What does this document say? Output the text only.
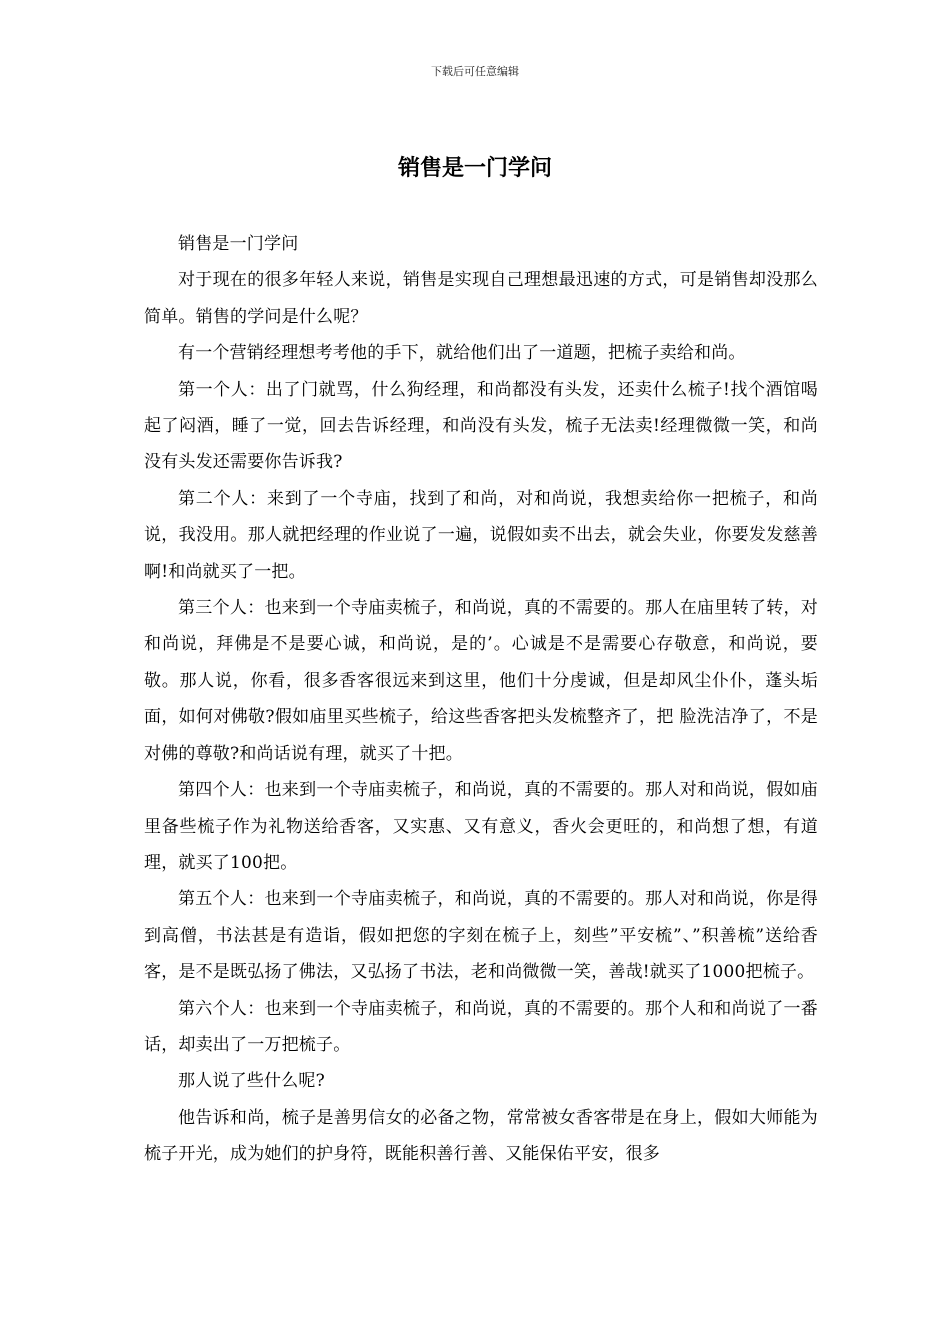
下载后可任意编辑
销售是一门学问

销售是一门学问

对于现在的很多年轻人来说，销售是实现自己理想最迅速的方式，可是销售却没那么简单。销售的学问是什么呢？

有一个营销经理想考考他的手下，就给他们出了一道题，把梳子卖给和尚。

第一个人：出了门就骂，什么狗经理，和尚都没有头发，还卖什么梳子!找个酒馆喝起了闷酒，睡了一觉，回去告诉经理，和尚没有头发，梳子无法卖!经理微微一笑，和尚没有头发还需要你告诉我?

第二个人：来到了一个寺庙，找到了和尚，对和尚说，我想卖给你一把梳子，和尚说，我没用。那人就把经理的作业说了一遍，说假如卖不出去，就会失业，你要发发慈善啊!和尚就买了一把。

第三个人：也来到一个寺庙卖梳子，和尚说，真的不需要的。那人在庙里转了转，对和尚说，拜佛是不是要心诚，和尚说，是的’。心诚是不是需要心存敬意，和尚说，要敬。那人说，你看，很多香客很远来到这里，他们十分虔诚，但是却风尘仆仆，蓬头垢面，如何对佛敬?假如庙里买些梳子，给这些香客把头发梳整齐了，把 脸洗洁净了，不是对佛的尊敬?和尚话说有理，就买了十把。

第四个人：也来到一个寺庙卖梳子，和尚说，真的不需要的。那人对和尚说，假如庙里备些梳子作为礼物送给香客，又实惠、又有意义，香火会更旺的，和尚想了想，有道理，就买了100把。

第五个人：也来到一个寺庙卖梳子，和尚说，真的不需要的。那人对和尚说，你是得到高僧，书法甚是有造诣，假如把您的字刻在梳子上，刻些”平安梳”、”积善梳”送给香客，是不是既弘扬了佛法，又弘扬了书法，老和尚微微一笑，善哉!就买了1000把梳子。

第六个人：也来到一个寺庙卖梳子，和尚说，真的不需要的。那个人和和尚说了一番话，却卖出了一万把梳子。

那人说了些什么呢?

他告诉和尚，梳子是善男信女的必备之物，常常被女香客带是在身上，假如大师能为梳子开光，成为她们的护身符，既能积善行善、又能保佑平安，很多
